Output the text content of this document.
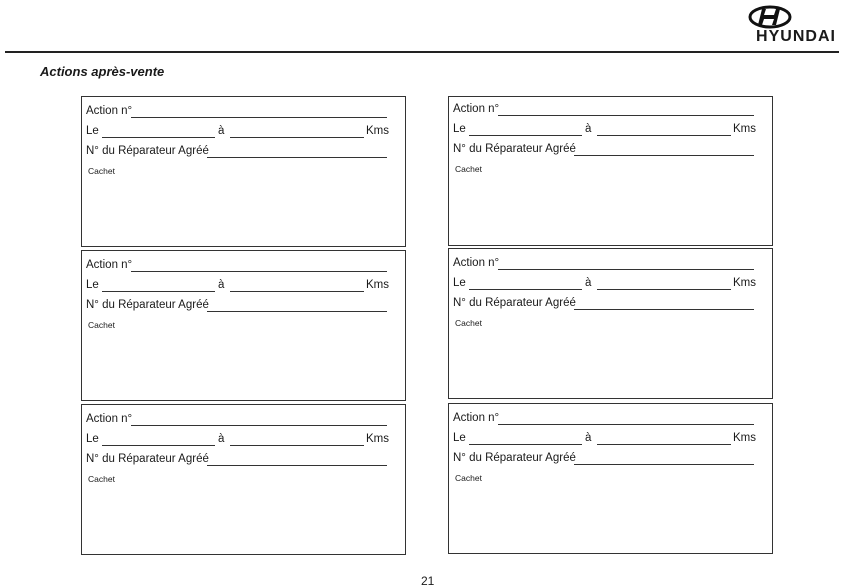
HYUNDAI
Actions après-vente
Action n°
Le	à	Kms
N° du Réparateur Agréé
Cachet
Action n°
Le	à	Kms
N° du Réparateur Agréé
Cachet
Action n°
Le	à	Kms
N° du Réparateur Agréé
Cachet
Action n°
Le	à	Kms
N° du Réparateur Agréé
Cachet
Action n°
Le	à	Kms
N° du Réparateur Agréé
Cachet
Action n°
Le	à	Kms
N° du Réparateur Agréé
Cachet
21
